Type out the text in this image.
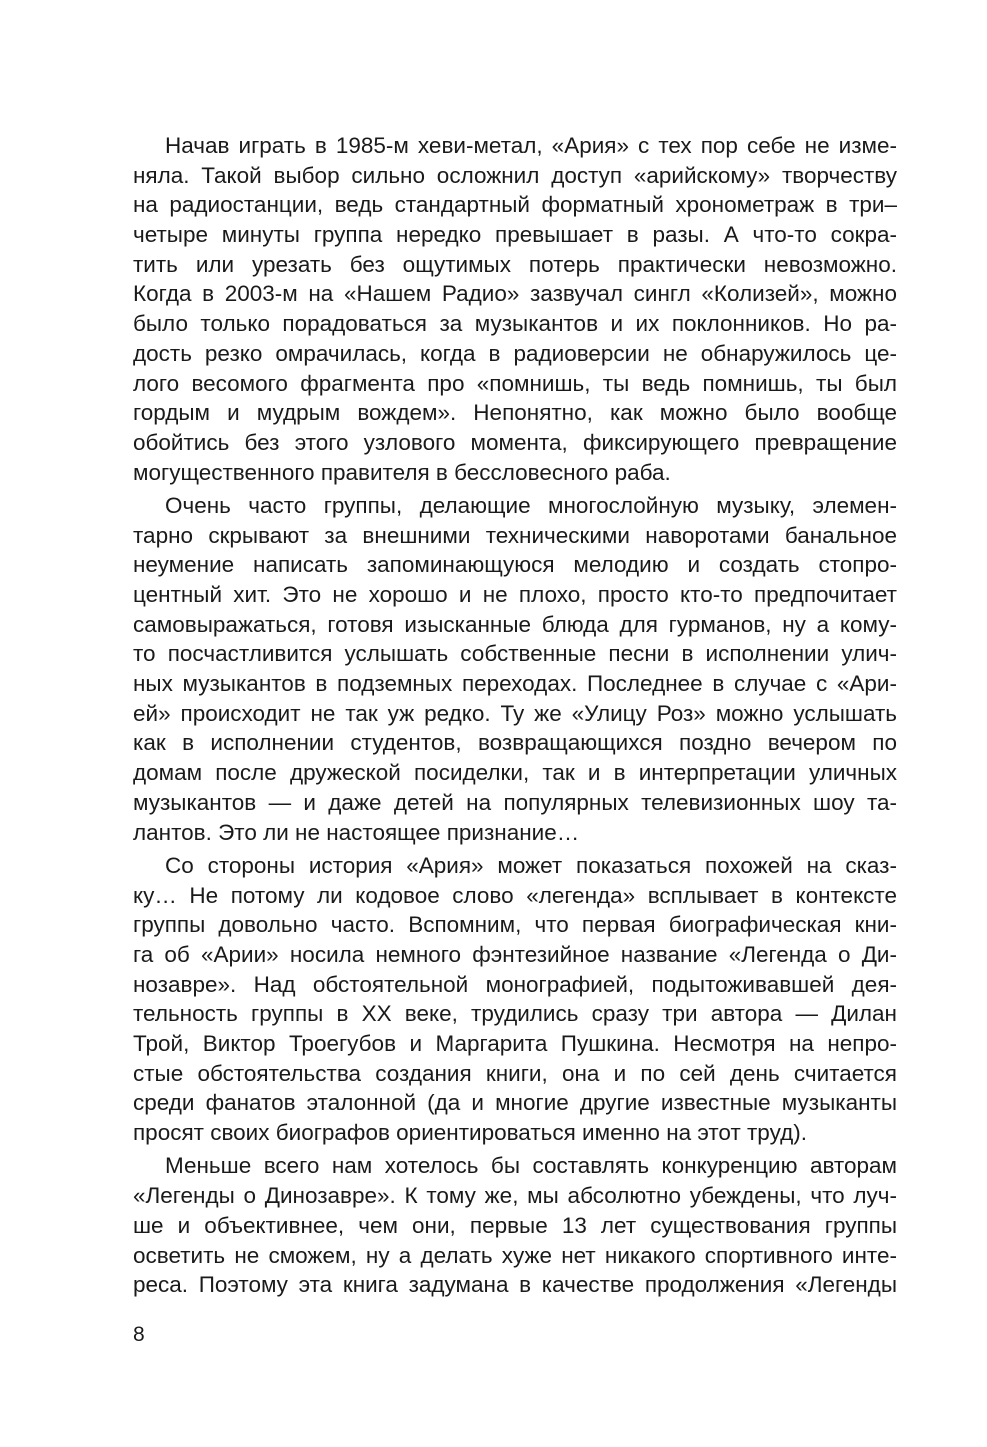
Начав играть в 1985-м хеви-метал, «Ария» с тех пор себе не изме-
няла. Такой выбор сильно осложнил доступ «арийскому» творчеству
на радиостанции, ведь стандартный форматный хронометраж в три–
четыре минуты группа нередко превышает в разы. А что-то сокра-
тить или урезать без ощутимых потерь практически невозможно.
Когда в 2003-м на «Нашем Радио» зазвучал сингл «Колизей», можно
было только порадоваться за музыкантов и их поклонников. Но ра-
дость резко омрачилась, когда в радиоверсии не обнаружилось це-
лого весомого фрагмента про «помнишь, ты ведь помнишь, ты был
гордым и мудрым вождем». Непонятно, как можно было вообще
обойтись без этого узлового момента, фиксирующего превращение
могущественного правителя в бессловесного раба.
Очень часто группы, делающие многослойную музыку, элемен-
тарно скрывают за внешними техническими наворотами банальное
неумение написать запоминающуюся мелодию и создать стопро-
центный хит. Это не хорошо и не плохо, просто кто-то предпочитает
самовыражаться, готовя изысканные блюда для гурманов, ну а кому-
то посчастливится услышать собственные песни в исполнении улич-
ных музыкантов в подземных переходах. Последнее в случае с «Ари-
ей» происходит не так уж редко. Ту же «Улицу Роз» можно услышать
как в исполнении студентов, возвращающихся поздно вечером по
домам после дружеской посиделки, так и в интерпретации уличных
музыкантов — и даже детей на популярных телевизионных шоу та-
лантов. Это ли не настоящее признание…
Со стороны история «Ария» может показаться похожей на сказ-
ку… Не потому ли кодовое слово «легенда» всплывает в контексте
группы довольно часто. Вспомним, что первая биографическая кни-
га об «Арии» носила немного фэнтезийное название «Легенда о Ди-
нозавре». Над обстоятельной монографией, подытоживавшей дея-
тельность группы в XX веке, трудились сразу три автора — Дилан
Трой, Виктор Троегубов и Маргарита Пушкина. Несмотря на непро-
стые обстоятельства создания книги, она и по сей день считается
среди фанатов эталонной (да и многие другие известные музыканты
просят своих биографов ориентироваться именно на этот труд).
Меньше всего нам хотелось бы составлять конкуренцию авторам
«Легенды о Динозавре». К тому же, мы абсолютно убеждены, что луч-
ше и объективнее, чем они, первые 13 лет существования группы
осветить не сможем, ну а делать хуже нет никакого спортивного инте-
реса. Поэтому эта книга задумана в качестве продолжения «Легенды
8
